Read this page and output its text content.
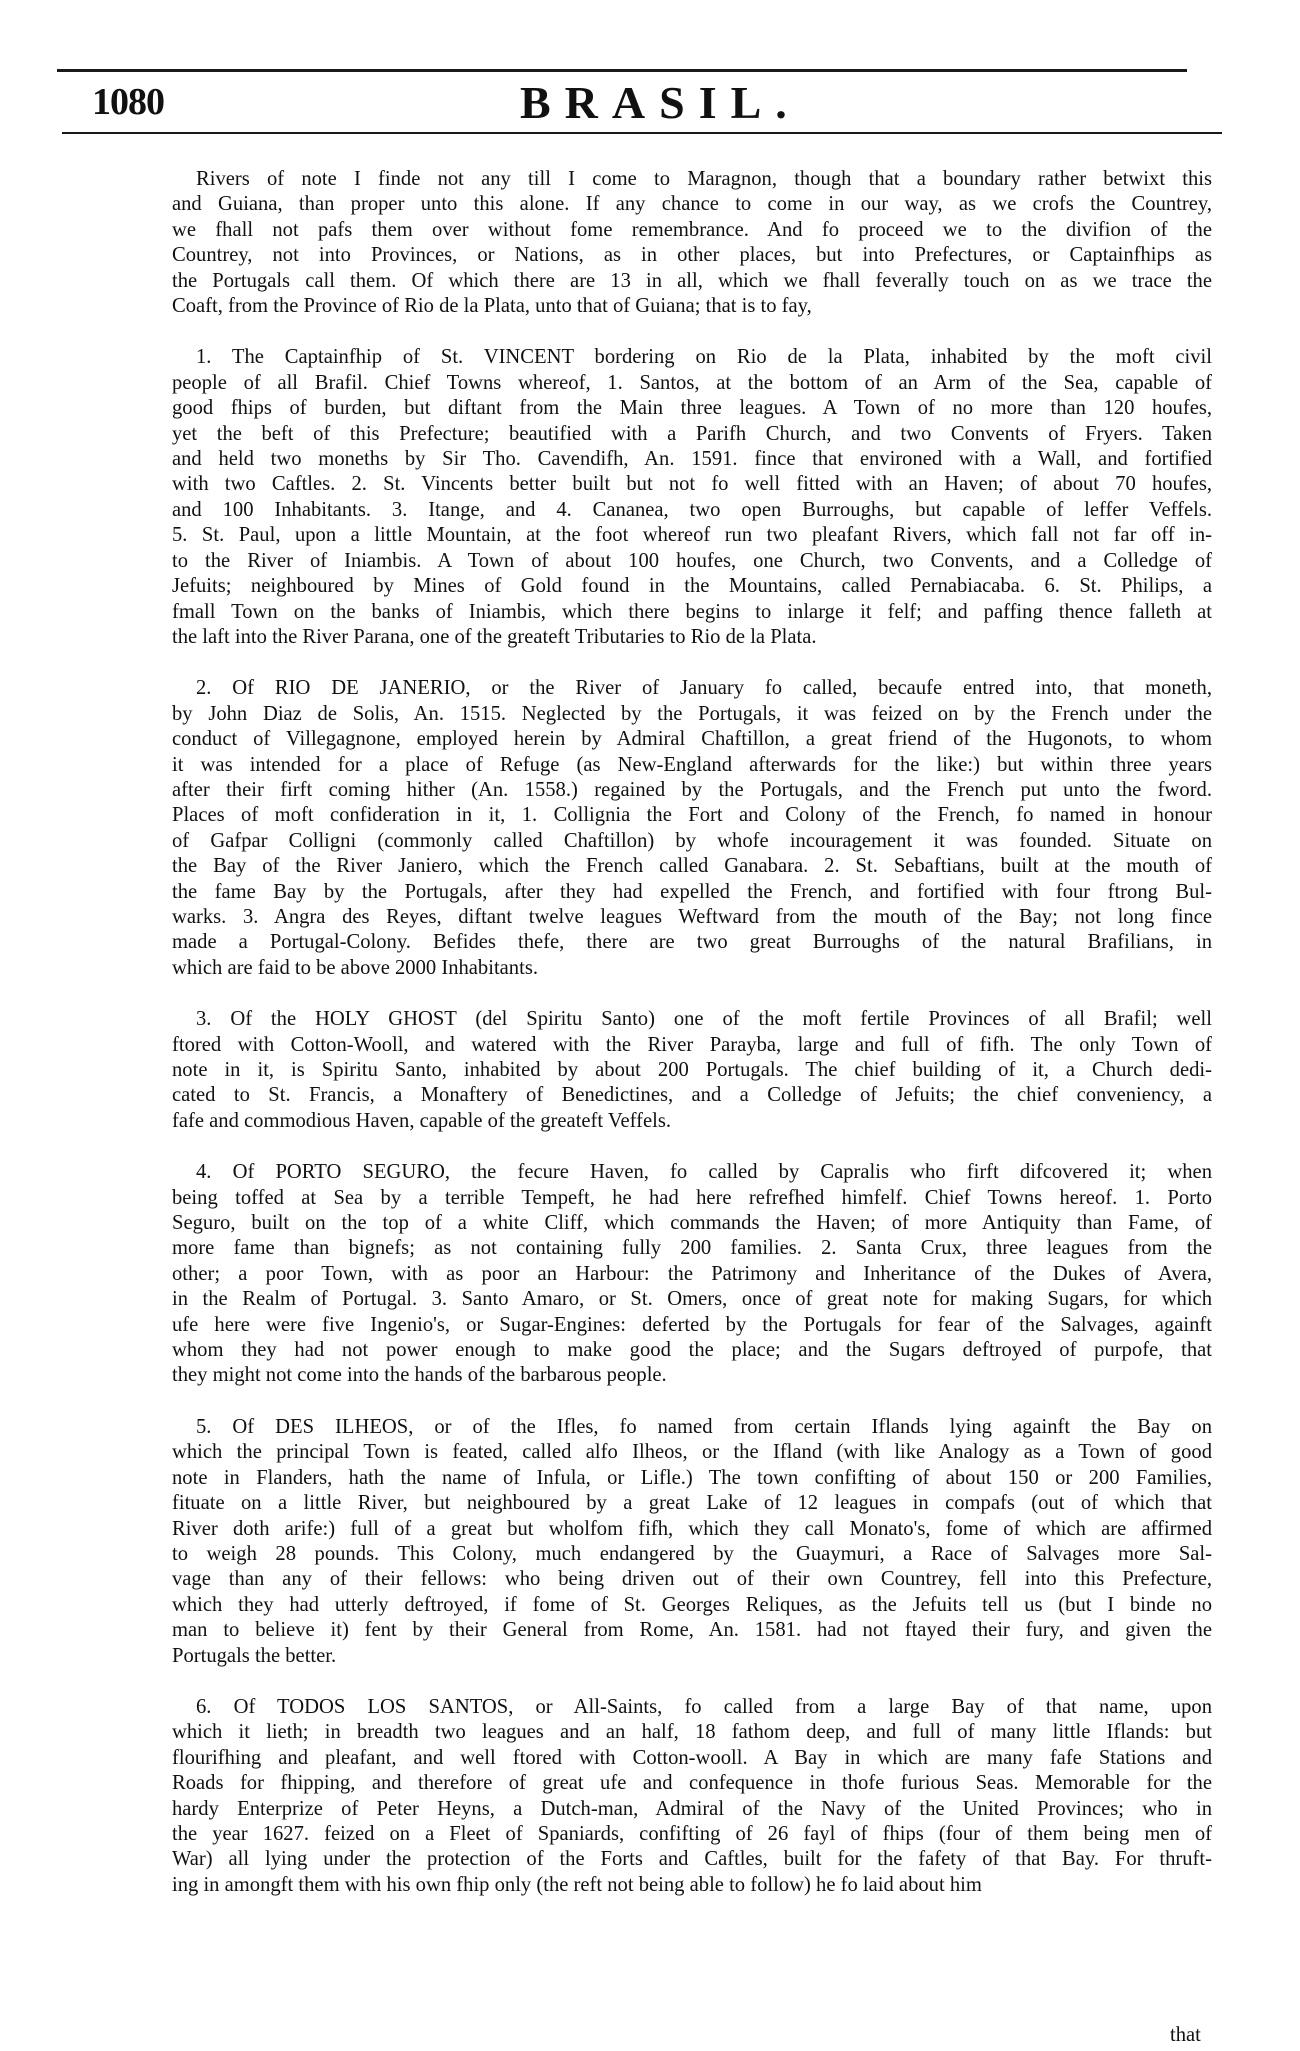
1080	BRASIL.
Rivers of note I finde not any till I come to Maragnon, though that a boundary rather betwixt this
and Guiana, than proper unto this alone. If any chance to come in our way, as we crofs the Countrey,
we fhall not pafs them over without fome remembrance. And fo proceed we to the divifion of the
Countrey, not into Provinces, or Nations, as in other places, but into Prefectures, or Captainfhips as
the Portugals call them. Of which there are 13 in all, which we fhall feverally touch on as we trace the
Coaft, from the Province of Rio de la Plata, unto that of Guiana; that is to fay,
1. The Captainfhip of St. VINCENT bordering on Rio de la Plata, inhabited by the moft civil
people of all Brafil. Chief Towns whereof, 1. Santos, at the bottom of an Arm of the Sea, capable of
good fhips of burden, but diftant from the Main three leagues. A Town of no more than 120 houfes,
yet the beft of this Prefecture; beautified with a Parifh Church, and two Convents of Fryers. Taken
and held two moneths by Sir Tho. Cavendifh, An. 1591. fince that environed with a Wall, and fortified
with two Caftles. 2. St. Vincents better built but not fo well fitted with an Haven; of about 70 houfes,
and 100 Inhabitants. 3. Itange, and 4. Cananea, two open Burroughs, but capable of leffer Veffels.
5. St. Paul, upon a little Mountain, at the foot whereof run two pleafant Rivers, which fall not far off in-
to the River of Iniambis. A Town of about 100 houfes, one Church, two Convents, and a Colledge of
Jefuits; neighboured by Mines of Gold found in the Mountains, called Pernabiacaba. 6. St. Philips, a
fmall Town on the banks of Iniambis, which there begins to inlarge it felf; and paffing thence falleth at
the laft into the River Parana, one of the greateft Tributaries to Rio de la Plata.
2. Of RIO DE JANERIO, or the River of January fo called, becaufe entred into, that moneth,
by John Diaz de Solis, An. 1515. Neglected by the Portugals, it was feized on by the French under the
conduct of Villegagnone, employed herein by Admiral Chaftillon, a great friend of the Hugonots, to whom
it was intended for a place of Refuge (as New-England afterwards for the like:) but within three years
after their firft coming hither (An. 1558.) regained by the Portugals, and the French put unto the fword.
Places of moft confideration in it, 1. Collignia the Fort and Colony of the French, fo named in honour
of Gafpar Colligni (commonly called Chaftillon) by whofe incouragement it was founded. Situate on
the Bay of the River Janiero, which the French called Ganabara. 2. St. Sebaftians, built at the mouth of
the fame Bay by the Portugals, after they had expelled the French, and fortified with four ftrong Bul-
warks. 3. Angra des Reyes, diftant twelve leagues Weftward from the mouth of the Bay; not long fince
made a Portugal-Colony. Befides thefe, there are two great Burroughs of the natural Brafilians, in
which are faid to be above 2000 Inhabitants.
3. Of the HOLY GHOST (del Spiritu Santo) one of the moft fertile Provinces of all Brafil; well
ftored with Cotton-Wooll, and watered with the River Parayba, large and full of fifh. The only Town of
note in it, is Spiritu Santo, inhabited by about 200 Portugals. The chief building of it, a Church dedi-
cated to St. Francis, a Monaftery of Benedictines, and a Colledge of Jefuits; the chief conveniency, a
fafe and commodious Haven, capable of the greateft Veffels.
4. Of PORTO SEGURO, the fecure Haven, fo called by Capralis who firft difcovered it; when
being toffed at Sea by a terrible Tempeft, he had here refrefhed himfelf. Chief Towns hereof. 1. Porto
Seguro, built on the top of a white Cliff, which commands the Haven; of more Antiquity than Fame, of
more fame than bignefs; as not containing fully 200 families. 2. Santa Crux, three leagues from the
other; a poor Town, with as poor an Harbour: the Patrimony and Inheritance of the Dukes of Avera,
in the Realm of Portugal. 3. Santo Amaro, or St. Omers, once of great note for making Sugars, for which
ufe here were five Ingenio's, or Sugar-Engines: deferted by the Portugals for fear of the Salvages, againft
whom they had not power enough to make good the place; and the Sugars deftroyed of purpofe, that
they might not come into the hands of the barbarous people.
5. Of DES ILHEOS, or of the Ifles, fo named from certain Iflands lying againft the Bay on
which the principal Town is feated, called alfo Ilheos, or the Ifland (with like Analogy as a Town of good
note in Flanders, hath the name of Infula, or Lifle.) The town confifting of about 150 or 200 Families,
fituate on a little River, but neighboured by a great Lake of 12 leagues in compafs (out of which that
River doth arife:) full of a great but wholfom fifh, which they call Monato's, fome of which are affirmed
to weigh 28 pounds. This Colony, much endangered by the Guaymuri, a Race of Salvages more Sal-
vage than any of their fellows: who being driven out of their own Countrey, fell into this Prefecture,
which they had utterly deftroyed, if fome of St. Georges Reliques, as the Jefuits tell us (but I binde no
man to believe it) fent by their General from Rome, An. 1581. had not ftayed their fury, and given the
Portugals the better.
6. Of TODOS LOS SANTOS, or All-Saints, fo called from a large Bay of that name, upon
which it lieth; in breadth two leagues and an half, 18 fathom deep, and full of many little Iflands: but
flourifhing and pleafant, and well ftored with Cotton-wooll. A Bay in which are many fafe Stations and
Roads for fhipping, and therefore of great ufe and confequence in thofe furious Seas. Memorable for the
hardy Enterprize of Peter Heyns, a Dutch-man, Admiral of the Navy of the United Provinces; who in
the year 1627. feized on a Fleet of Spaniards, confifting of 26 fayl of fhips (four of them being men of
War) all lying under the protection of the Forts and Caftles, built for the fafety of that Bay. For thruft-
ing in amongft them with his own fhip only (the reft not being able to follow) he fo laid about him
that
